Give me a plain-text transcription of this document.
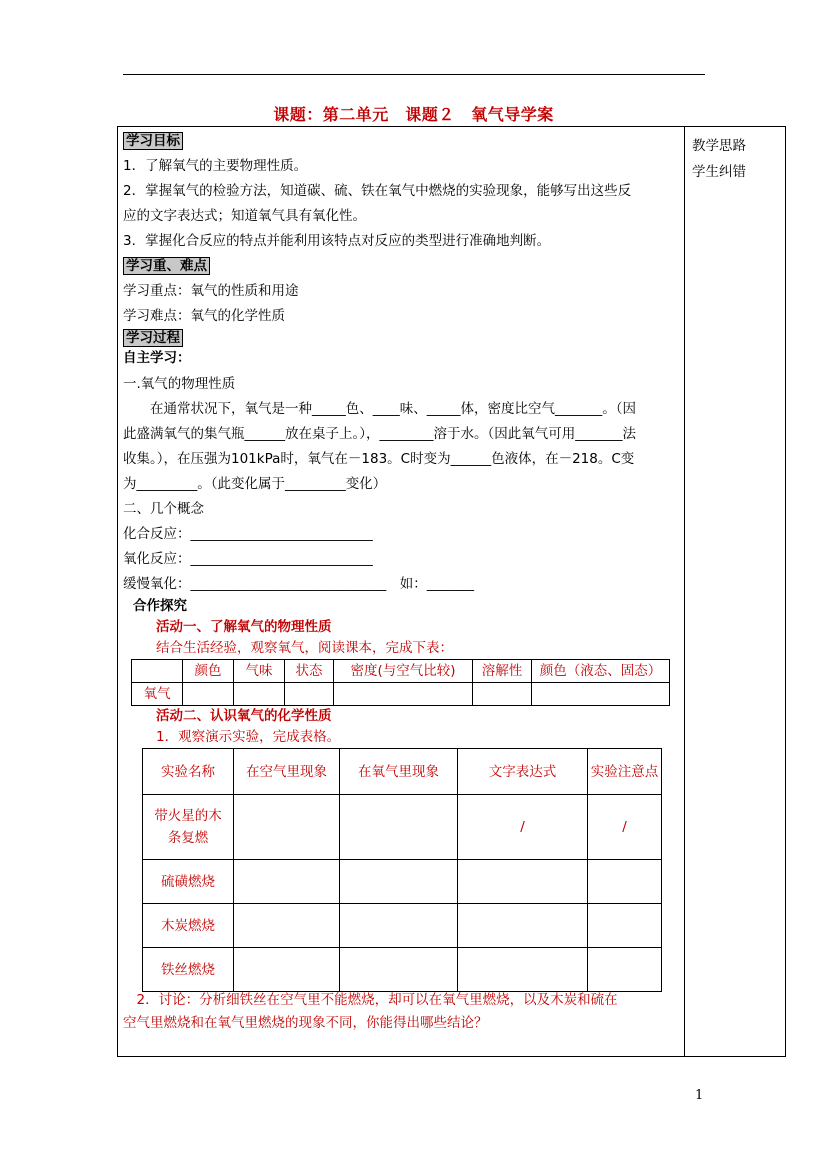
课题：第二单元　课题２　氧气导学案
教学思路
学生纠错
学习目标
1．了解氧气的主要物理性质。
2．掌握氧气的检验方法，知道碳、硫、铁在氧气中燃烧的实验现象，能够写出这些反
应的文字表达式；知道氧气具有氧化性。
3．掌握化合反应的特点并能利用该特点对反应的类型进行准确地判断。
学习重、难点
学习重点：氧气的性质和用途
学习难点：氧气的化学性质
学习过程
自主学习：
一.氧气的物理性质
　　在通常状况下，氧气是一种_____色、____味、_____体，密度比空气_______。（因
此盛满氧气的集气瓶______放在桌子上。），________溶于水。（因此氧气可用_______法
收集。），在压强为101kPa时，氧气在－183。C时变为______色液体，在－218。C变
为_________。（此变化属于_________变化）
二、几个概念
化合反应：___________________________
氧化反应：___________________________
缓慢氧化：_____________________________　如：_______
合作探究
活动一、了解氧气的物理性质
结合生活经验，观察氧气，阅读课本，完成下表：
	颜色	气味	状态	密度(与空气比较)	溶解性	颜色（液态、固态）
氧气						
活动二、认识氧气的化学性质
1．观察演示实验，完成表格。
实验名称	在空气里现象	在氧气里现象	文字表达式	实验注意点
带火星的木条复燃			/	/
硫磺燃烧				
木炭燃烧				
铁丝燃烧				
　2．讨论：分析细铁丝在空气里不能燃烧，却可以在氧气里燃烧，以及木炭和硫在
空气里燃烧和在氧气里燃烧的现象不同，你能得出哪些结论？
1
